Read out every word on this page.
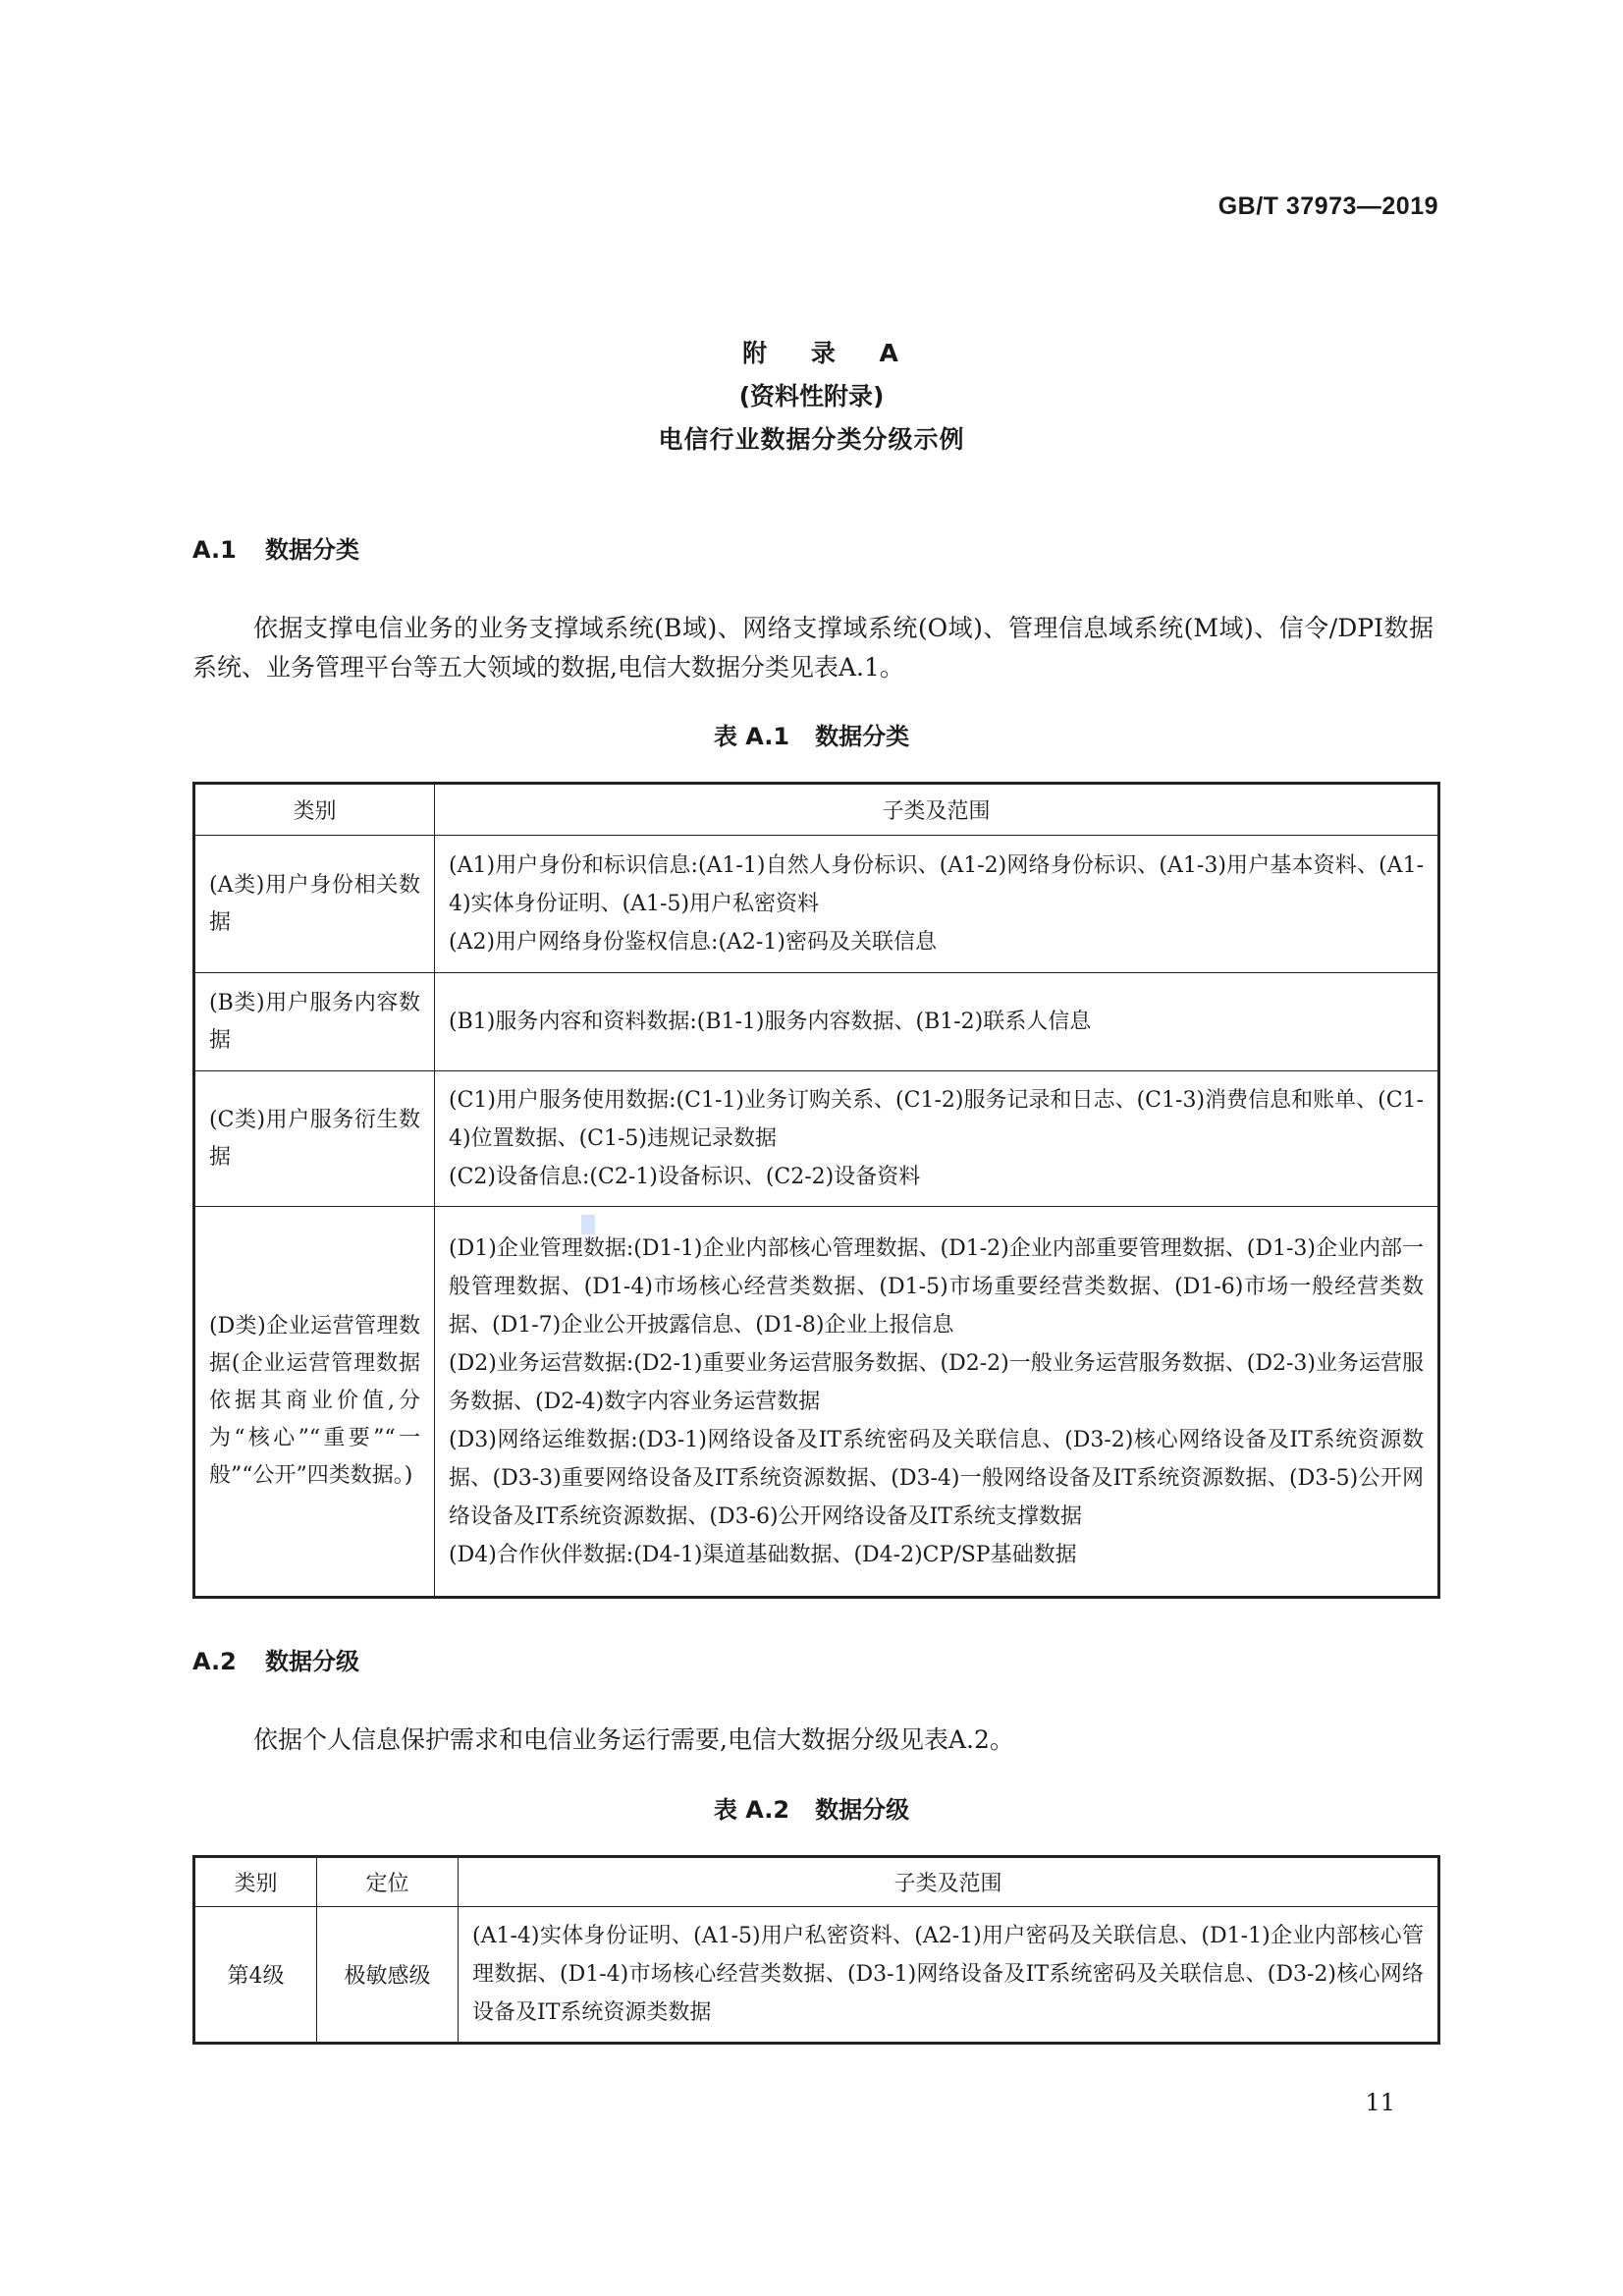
GB/T 37973—2019
附 录 A
(资料性附录)
电信行业数据分类分级示例
A.1 数据分类
依据支撑电信业务的业务支撑域系统(B域)、网络支撑域系统(O域)、管理信息域系统(M域)、信令/DPI数据系统、业务管理平台等五大领域的数据,电信大数据分类见表A.1。
表 A.1 数据分类
类别	子类及范围
(A类)用户身份相关数据	(A1)用户身份和标识信息:(A1-1)自然人身份标识、(A1-2)网络身份标识、(A1-3)用户基本资料、(A1-4)实体身份证明、(A1-5)用户私密资料
(A2)用户网络身份鉴权信息:(A2-1)密码及关联信息

(B类)用户服务内容数据	(B1)服务内容和资料数据:(B1-1)服务内容数据、(B1-2)联系人信息

(C类)用户服务衍生数据	(C1)用户服务使用数据:(C1-1)业务订购关系、(C1-2)服务记录和日志、(C1-3)消费信息和账单、(C1-4)位置数据、(C1-5)违规记录数据
(C2)设备信息:(C2-1)设备标识、(C2-2)设备资料

(D类)企业运营管理数据(企业运营管理数据依据其商业价值,分为“核心”“重要”“一般”“公开”四类数据。)	(D1)企业管理数据:(D1-1)企业内部核心管理数据、(D1-2)企业内部重要管理数据、(D1-3)企业内部一般管理数据、(D1-4)市场核心经营类数据、(D1-5)市场重要经营类数据、(D1-6)市场一般经营类数据、(D1-7)企业公开披露信息、(D1-8)企业上报信息
(D2)业务运营数据:(D2-1)重要业务运营服务数据、(D2-2)一般业务运营服务数据、(D2-3)业务运营服务数据、(D2-4)数字内容业务运营数据
(D3)网络运维数据:(D3-1)网络设备及IT系统密码及关联信息、(D3-2)核心网络设备及IT系统资源数据、(D3-3)重要网络设备及IT系统资源数据、(D3-4)一般网络设备及IT系统资源数据、(D3-5)公开网络设备及IT系统资源数据、(D3-6)公开网络设备及IT系统支撑数据
(D4)合作伙伴数据:(D4-1)渠道基础数据、(D4-2)CP/SP基础数据
A.2 数据分级
依据个人信息保护需求和电信业务运行需要,电信大数据分级见表A.2。
表 A.2 数据分级
类别	定位	子类及范围
第4级	极敏感级	(A1-4)实体身份证明、(A1-5)用户私密资料、(A2-1)用户密码及关联信息、(D1-1)企业内部核心管理数据、(D1-4)市场核心经营类数据、(D3-1)网络设备及IT系统密码及关联信息、(D3-2)核心网络设备及IT系统资源类数据
11
